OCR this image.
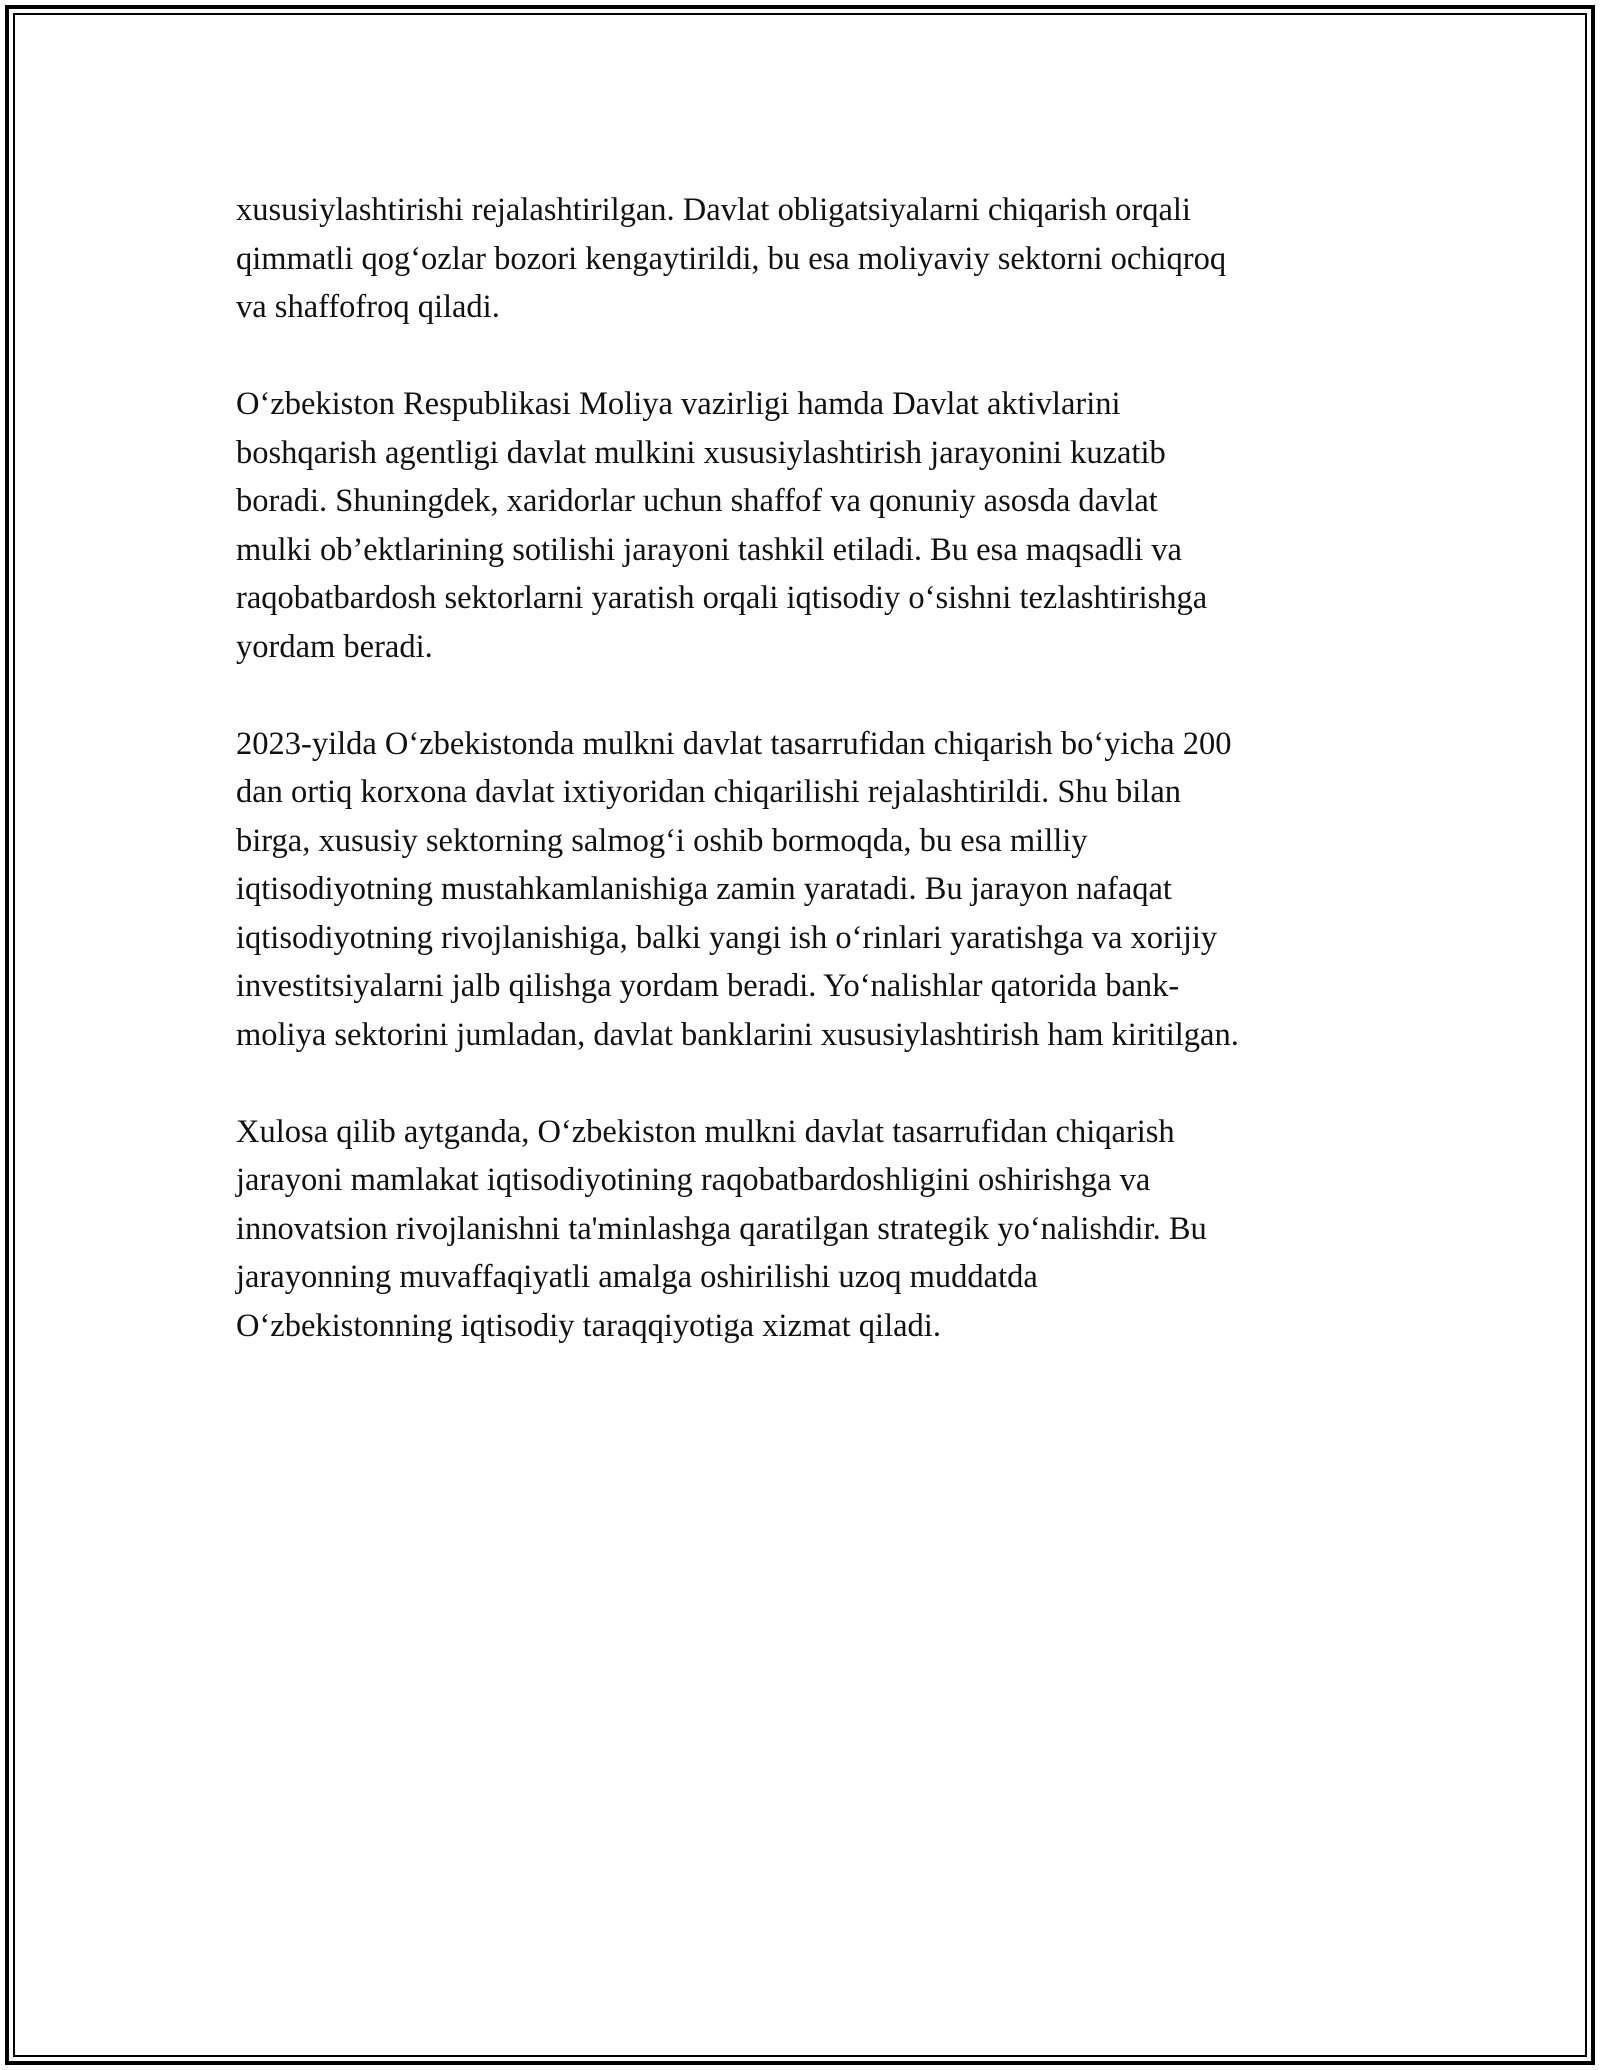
xususiylashtirishi rejalashtirilgan. Davlat obligatsiyalarni chiqarish orqali
qimmatli qog‘ozlar bozori kengaytirildi, bu esa moliyaviy sektorni ochiqroq
va shaffofroq qiladi.

O‘zbekiston Respublikasi Moliya vazirligi hamda Davlat aktivlarini
boshqarish agentligi davlat mulkini xususiylashtirish jarayonini kuzatib
boradi. Shuningdek, xaridorlar uchun shaffof va qonuniy asosda davlat
mulki ob’ektlarining sotilishi jarayoni tashkil etiladi. Bu esa maqsadli va
raqobatbardosh sektorlarni yaratish orqali iqtisodiy o‘sishni tezlashtirishga
yordam beradi.

2023-yilda O‘zbekistonda mulkni davlat tasarrufidan chiqarish bo‘yicha 200
dan ortiq korxona davlat ixtiyoridan chiqarilishi rejalashtirildi. Shu bilan
birga, xususiy sektorning salmog‘i oshib bormoqda, bu esa milliy
iqtisodiyotning mustahkamlanishiga zamin yaratadi. Bu jarayon nafaqat
iqtisodiyotning rivojlanishiga, balki yangi ish o‘rinlari yaratishga va xorijiy
investitsiyalarni jalb qilishga yordam beradi. Yo‘nalishlar qatorida bank-
moliya sektorini jumladan, davlat banklarini xususiylashtirish ham kiritilgan.

Xulosa qilib aytganda, O‘zbekiston mulkni davlat tasarrufidan chiqarish
jarayoni mamlakat iqtisodiyotining raqobatbardoshligini oshirishga va
innovatsion rivojlanishni ta'minlashga qaratilgan strategik yo‘nalishdir. Bu
jarayonning muvaffaqiyatli amalga oshirilishi uzoq muddatda
O‘zbekistonning iqtisodiy taraqqiyotiga xizmat qiladi.
